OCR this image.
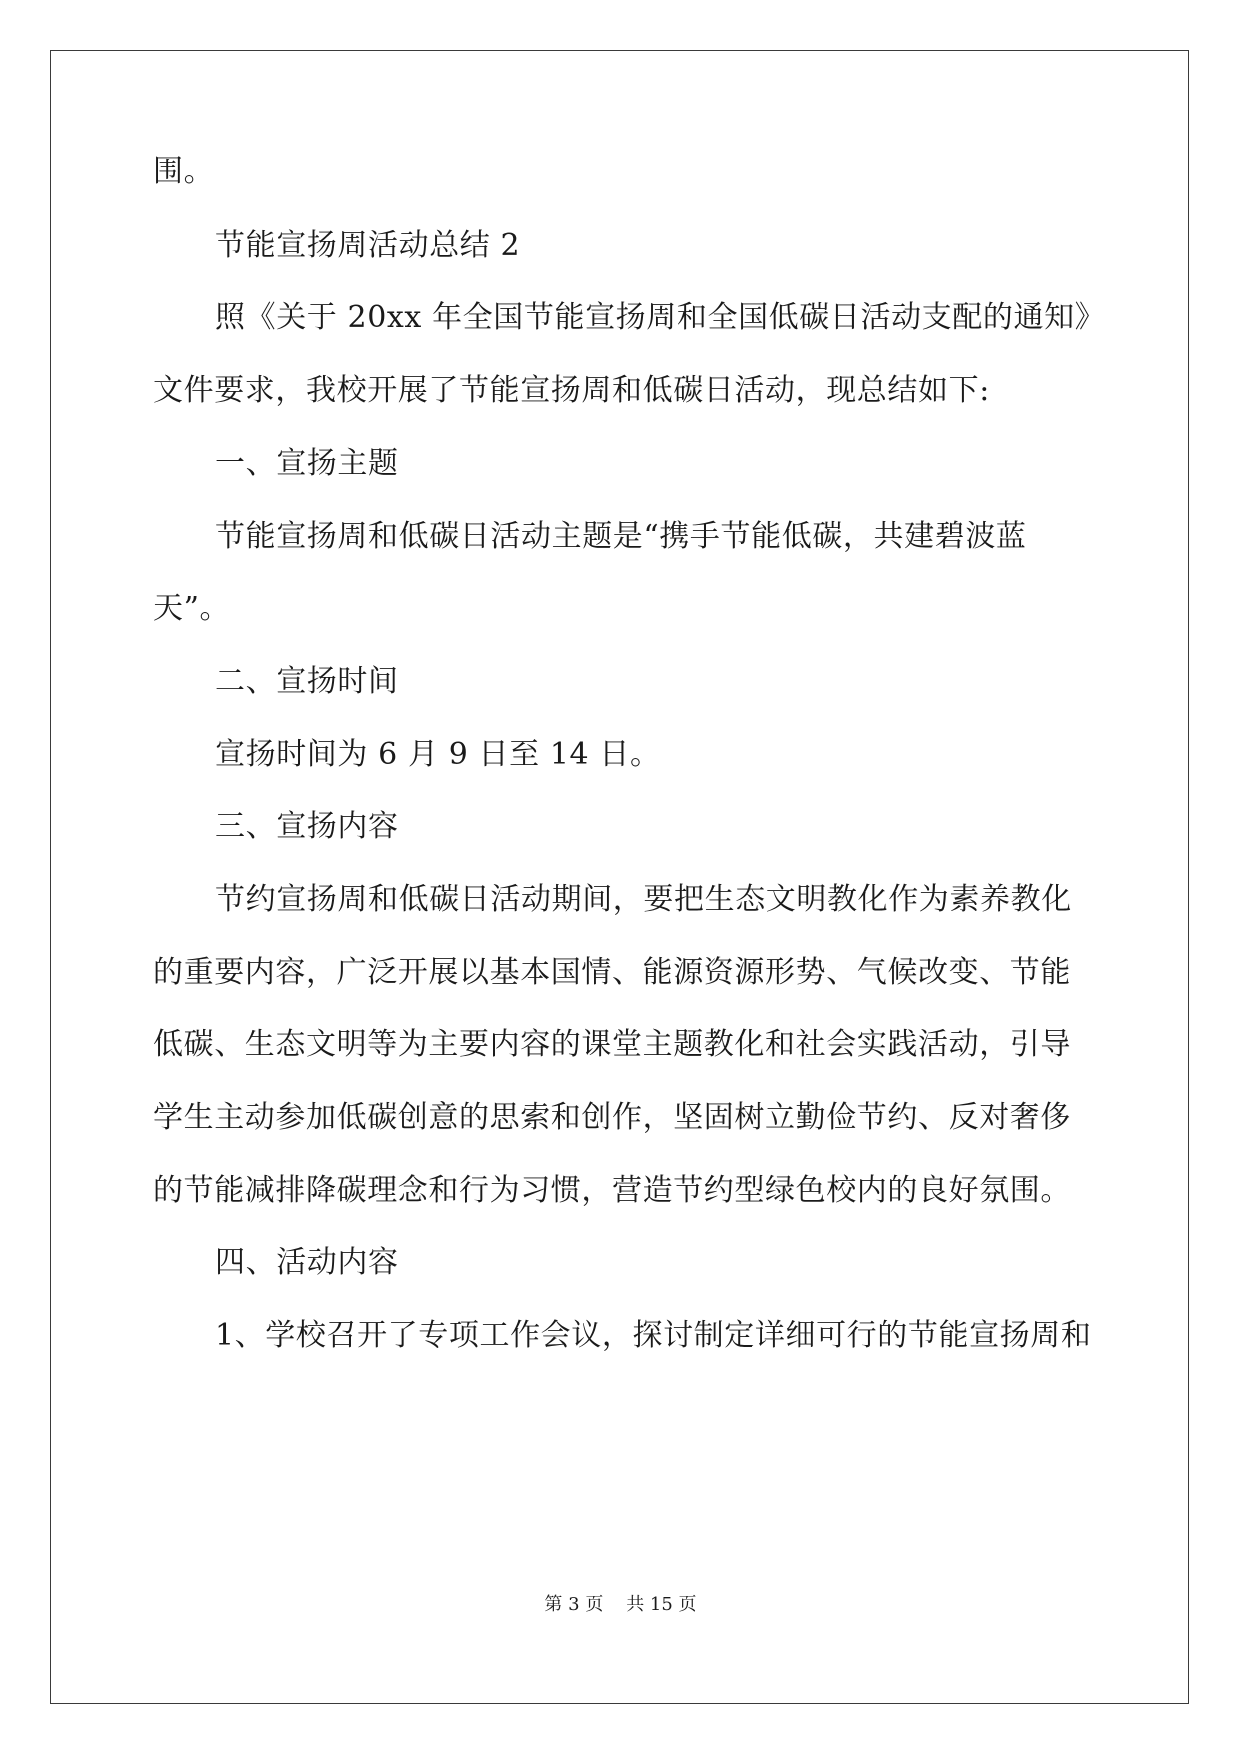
围。
节能宣扬周活动总结 2
照《关于 20xx 年全国节能宣扬周和全国低碳日活动支配的通知》
文件要求，我校开展了节能宣扬周和低碳日活动，现总结如下:
一、宣扬主题
节能宣扬周和低碳日活动主题是“携手节能低碳，共建碧波蓝
天”。
二、宣扬时间
宣扬时间为 6 月 9 日至 14 日。
三、宣扬内容
节约宣扬周和低碳日活动期间，要把生态文明教化作为素养教化
的重要内容，广泛开展以基本国情、能源资源形势、气候改变、节能
低碳、生态文明等为主要内容的课堂主题教化和社会实践活动，引导
学生主动参加低碳创意的思索和创作，坚固树立勤俭节约、反对奢侈
的节能减排降碳理念和行为习惯，营造节约型绿色校内的良好氛围。
四、活动内容
1、学校召开了专项工作会议，探讨制定详细可行的节能宣扬周和
第 3 页    共 15 页
